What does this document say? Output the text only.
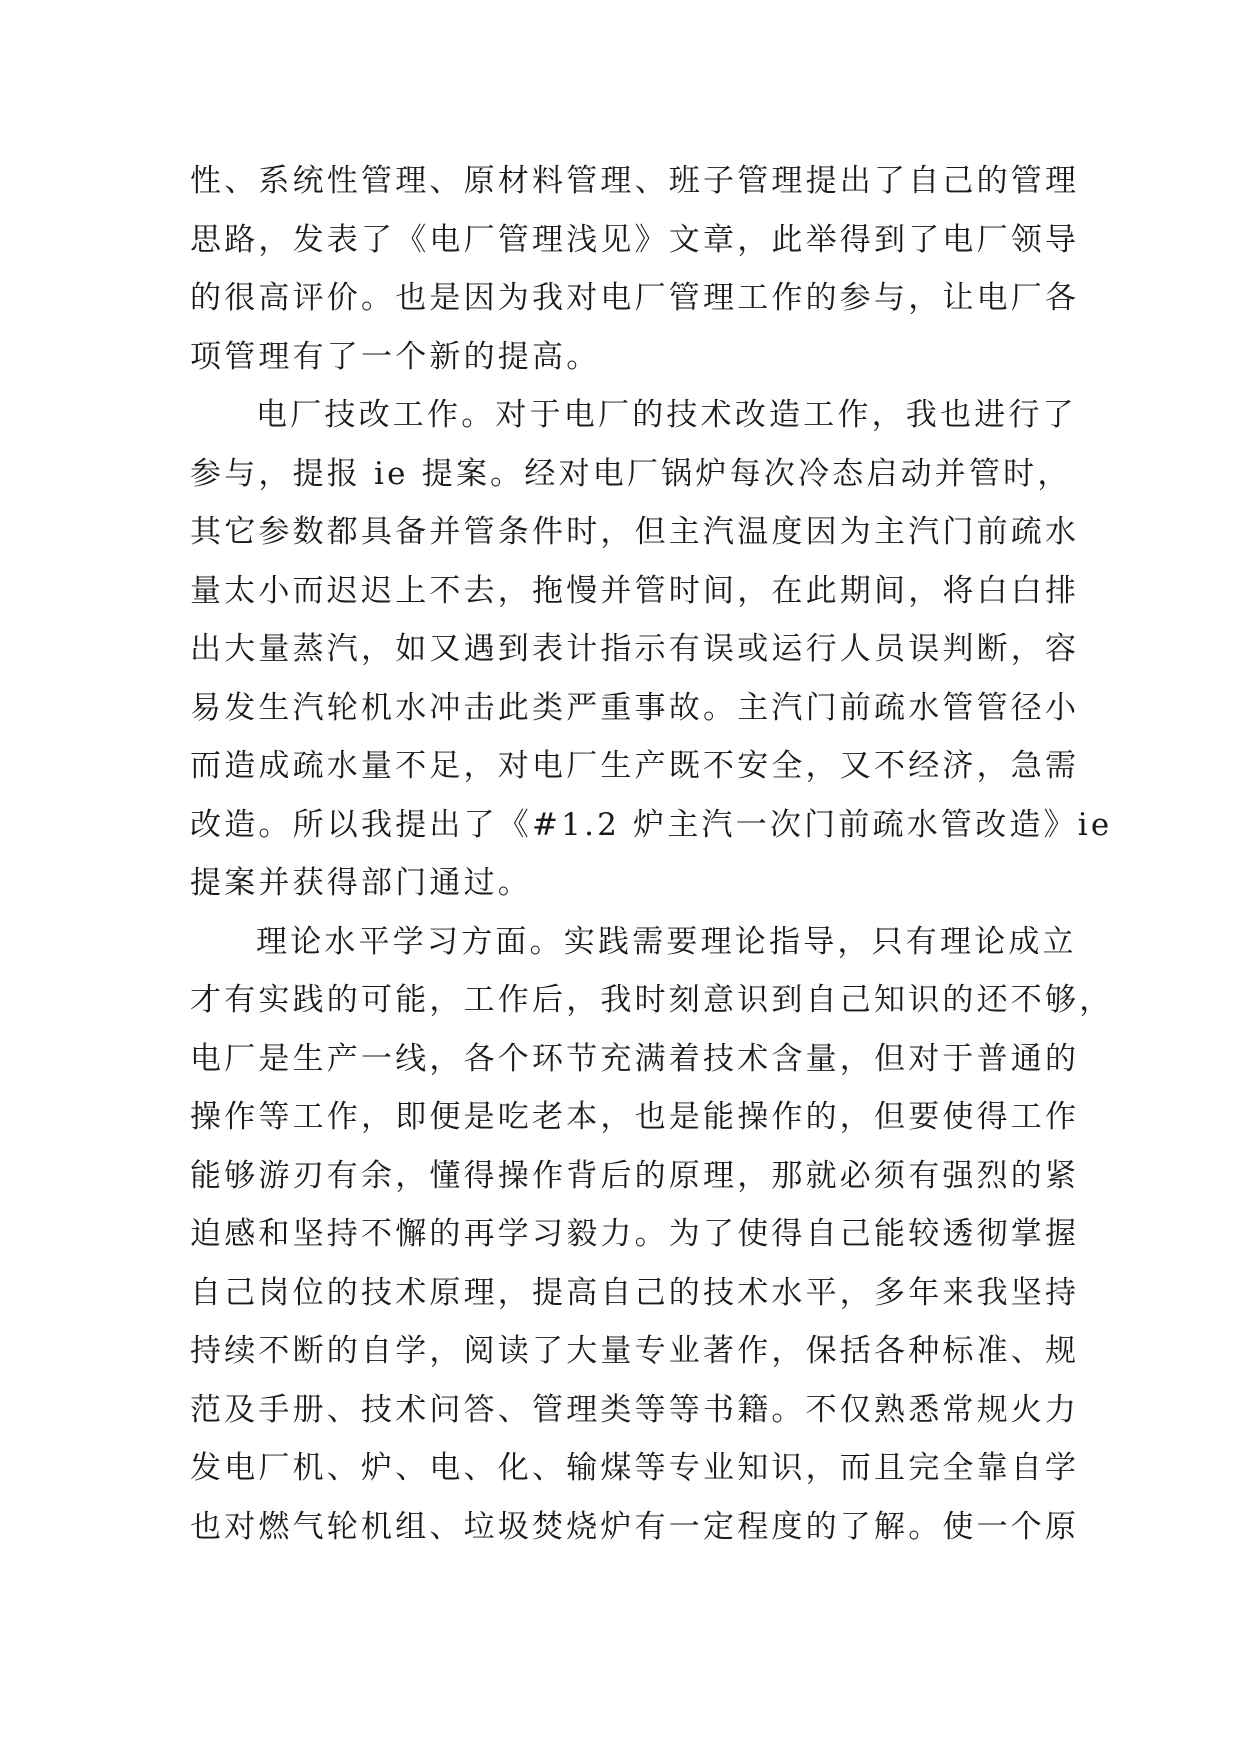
性、系统性管理、原材料管理、班子管理提出了自己的管理
思路，发表了《电厂管理浅见》文章，此举得到了电厂领导
的很高评价。也是因为我对电厂管理工作的参与，让电厂各
项管理有了一个新的提高。
电厂技改工作。对于电厂的技术改造工作，我也进行了
参与，提报 ie 提案。经对电厂锅炉每次冷态启动并管时，
其它参数都具备并管条件时，但主汽温度因为主汽门前疏水
量太小而迟迟上不去，拖慢并管时间，在此期间，将白白排
出大量蒸汽，如又遇到表计指示有误或运行人员误判断，容
易发生汽轮机水冲击此类严重事故。主汽门前疏水管管径小
而造成疏水量不足，对电厂生产既不安全，又不经济，急需
改造。所以我提出了《#1.2 炉主汽一次门前疏水管改造》ie
提案并获得部门通过。
理论水平学习方面。实践需要理论指导，只有理论成立
才有实践的可能，工作后，我时刻意识到自己知识的还不够，
电厂是生产一线，各个环节充满着技术含量，但对于普通的
操作等工作，即便是吃老本，也是能操作的，但要使得工作
能够游刃有余，懂得操作背后的原理，那就必须有强烈的紧
迫感和坚持不懈的再学习毅力。为了使得自己能较透彻掌握
自己岗位的技术原理，提高自己的技术水平，多年来我坚持
持续不断的自学，阅读了大量专业著作，保括各种标准、规
范及手册、技术问答、管理类等等书籍。不仅熟悉常规火力
发电厂机、炉、电、化、输煤等专业知识，而且完全靠自学
也对燃气轮机组、垃圾焚烧炉有一定程度的了解。使一个原
